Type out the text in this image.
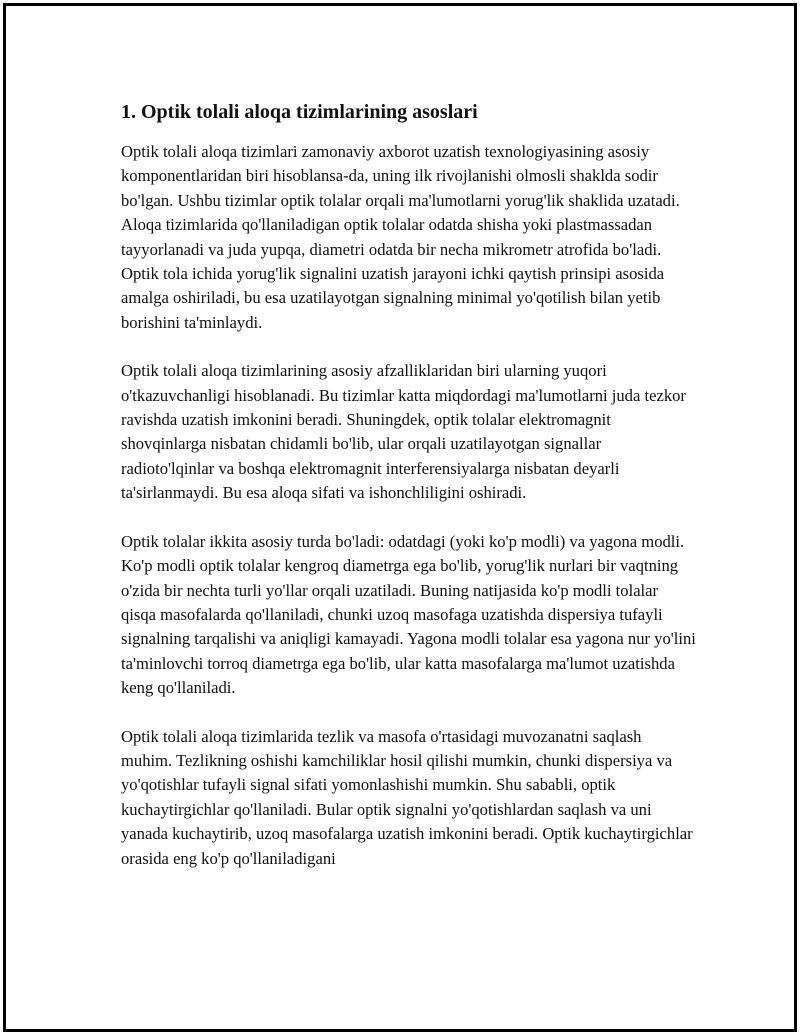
1. Optik tolali aloqa tizimlarining asoslari

Optik tolali aloqa tizimlari zamonaviy axborot uzatish texnologiyasining asosiy komponentlaridan biri hisoblansa-da, uning ilk rivojlanishi olmosli shaklda sodir bo'lgan. Ushbu tizimlar optik tolalar orqali ma'lumotlarni yorug'lik shaklida uzatadi. Aloqa tizimlarida qo'llaniladigan optik tolalar odatda shisha yoki plastmassadan tayyorlanadi va juda yupqa, diametri odatda bir necha mikrometr atrofida bo'ladi. Optik tola ichida yorug'lik signalini uzatish jarayoni ichki qaytish prinsipi asosida amalga oshiriladi, bu esa uzatilayotgan signalning minimal yo'qotilish bilan yetib borishini ta'minlaydi.

Optik tolali aloqa tizimlarining asosiy afzalliklaridan biri ularning yuqori o'tkazuvchanligi hisoblanadi. Bu tizimlar katta miqdordagi ma'lumotlarni juda tezkor ravishda uzatish imkonini beradi. Shuningdek, optik tolalar elektromagnit shovqinlarga nisbatan chidamli bo'lib, ular orqali uzatilayotgan signallar radioto'lqinlar va boshqa elektromagnit interferensiyalarga nisbatan deyarli ta'sirlanmaydi. Bu esa aloqa sifati va ishonchliligini oshiradi.

Optik tolalar ikkita asosiy turda bo'ladi: odatdagi (yoki ko'p modli) va yagona modli. Ko'p modli optik tolalar kengroq diametrga ega bo'lib, yorug'lik nurlari bir vaqtning o'zida bir nechta turli yo'llar orqali uzatiladi. Buning natijasida ko'p modli tolalar qisqa masofalarda qo'llaniladi, chunki uzoq masofaga uzatishda dispersiya tufayli signalning tarqalishi va aniqligi kamayadi. Yagona modli tolalar esa yagona nur yo'lini ta'minlovchi torroq diametrga ega bo'lib, ular katta masofalarga ma'lumot uzatishda keng qo'llaniladi.

Optik tolali aloqa tizimlarida tezlik va masofa o'rtasidagi muvozanatni saqlash muhim. Tezlikning oshishi kamchiliklar hosil qilishi mumkin, chunki dispersiya va yo'qotishlar tufayli signal sifati yomonlashishi mumkin. Shu sababli, optik kuchaytirgichlar qo'llaniladi. Bular optik signalni yo'qotishlardan saqlash va uni yanada kuchaytirib, uzoq masofalarga uzatish imkonini beradi. Optik kuchaytirgichlar orasida eng ko'p qo'llaniladigani
